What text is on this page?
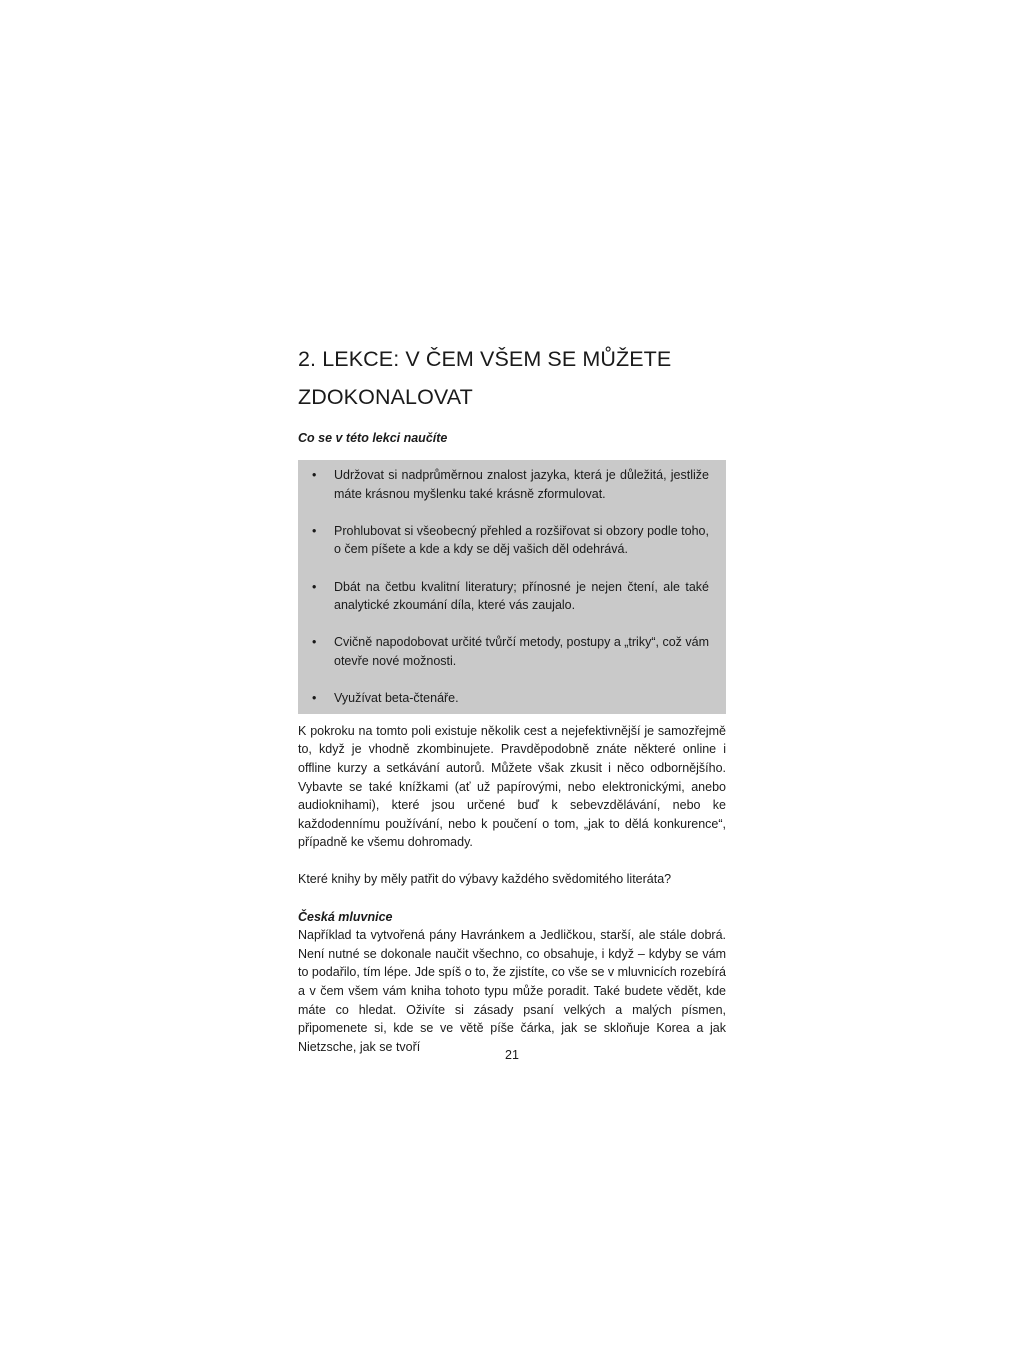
2. LEKCE: V ČEM VŠEM SE MŮŽETE
ZDOKONALOVAT

Co se v této lekci naučíte

•	Udržovat si nadprůměrnou znalost jazyka, která je důležitá, jestliže máte krásnou myšlenku také krásně zformulovat.
•	Prohlubovat si všeobecný přehled a rozšiřovat si obzory podle toho, o čem píšete a kde a kdy se děj vašich děl odehrává.
•	Dbát na četbu kvalitní literatury; přínosné je nejen čtení, ale také analytické zkoumání díla, které vás zaujalo.
•	Cvičně napodobovat určité tvůrčí metody, postupy a „triky“, což vám otevře nové možnosti.
•	Využívat beta-čtenáře.

K pokroku na tomto poli existuje několik cest a nejefektivnější je samozřejmě to, když je vhodně zkombinujete. Pravděpodobně znáte některé online i offline kurzy a setkávání autorů. Můžete však zkusit i něco odbornějšího. Vybavte se také knížkami (ať už papírovými, nebo elektronickými, anebo audioknihami), které jsou určené buď k sebevzdělávání, nebo ke každodennímu používání, nebo k poučení o tom, „jak to dělá konkurence“, případně ke všemu dohromady.

Které knihy by měly patřit do výbavy každého svědomitého literáta?

Česká mluvnice

Například ta vytvořená pány Havránkem a Jedličkou, starší, ale stále dobrá. Není nutné se dokonale naučit všechno, co obsahuje, i když – kdyby se vám to podařilo, tím lépe. Jde spíš o to, že zjistíte, co vše se v mluvnicích rozebírá a v čem všem vám kniha tohoto typu může poradit. Také budete vědět, kde máte co hledat. Oživíte si zásady psaní velkých a malých písmen, připomenete si, kde se ve větě píše čárka, jak se skloňuje Korea a jak Nietzsche, jak se tvoří

21
